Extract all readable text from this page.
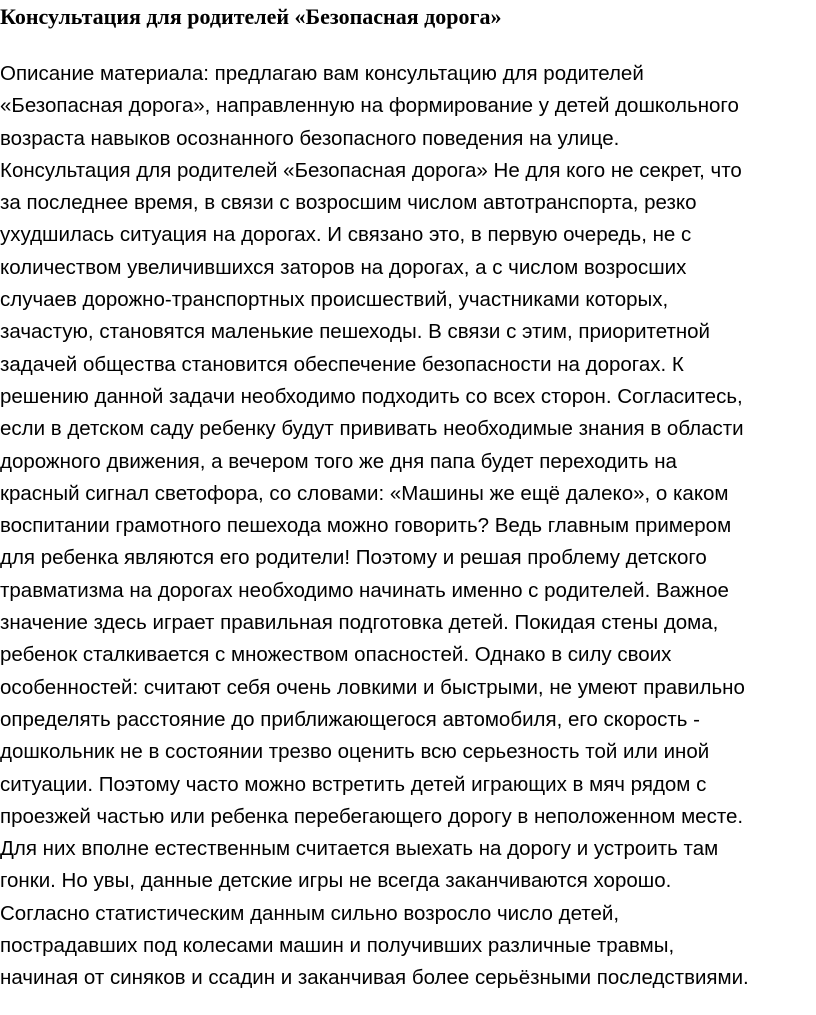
Консультация для родителей «Безопасная дорога»
Описание материала: предлагаю вам консультацию для родителей
«Безопасная дорога», направленную на формирование у детей дошкольного
возраста навыков осознанного безопасного поведения на улице.
Консультация для родителей «Безопасная дорога» Не для кого не секрет, что
за последнее время, в связи с возросшим числом автотранспорта, резко
ухудшилась ситуация на дорогах. И связано это, в первую очередь, не с
количеством увеличившихся заторов на дорогах, а с числом возросших
случаев дорожно-транспортных происшествий, участниками которых,
зачастую, становятся маленькие пешеходы. В связи с этим, приоритетной
задачей общества становится обеспечение безопасности на дорогах. К
решению данной задачи необходимо подходить со всех сторон. Согласитесь,
если в детском саду ребенку будут прививать необходимые знания в области
дорожного движения, а вечером того же дня папа будет переходить на
красный сигнал светофора, со словами: «Машины же ещё далеко», о каком
воспитании грамотного пешехода можно говорить? Ведь главным примером
для ребенка являются его родители! Поэтому и решая проблему детского
травматизма на дорогах необходимо начинать именно с родителей. Важное
значение здесь играет правильная подготовка детей. Покидая стены дома,
ребенок сталкивается с множеством опасностей. Однако в силу своих
особенностей: считают себя очень ловкими и быстрыми, не умеют правильно
определять расстояние до приближающегося автомобиля, его скорость -
дошкольник не в состоянии трезво оценить всю серьезность той или иной
ситуации. Поэтому часто можно встретить детей играющих в мяч рядом с
проезжей частью или ребенка перебегающего дорогу в неположенном месте.
Для них вполне естественным считается выехать на дорогу и устроить там
гонки. Но увы, данные детские игры не всегда заканчиваются хорошо.
Согласно статистическим данным сильно возросло число детей,
пострадавших под колесами машин и получивших различные травмы,
начиная от синяков и ссадин и заканчивая более серьёзными последствиями.
